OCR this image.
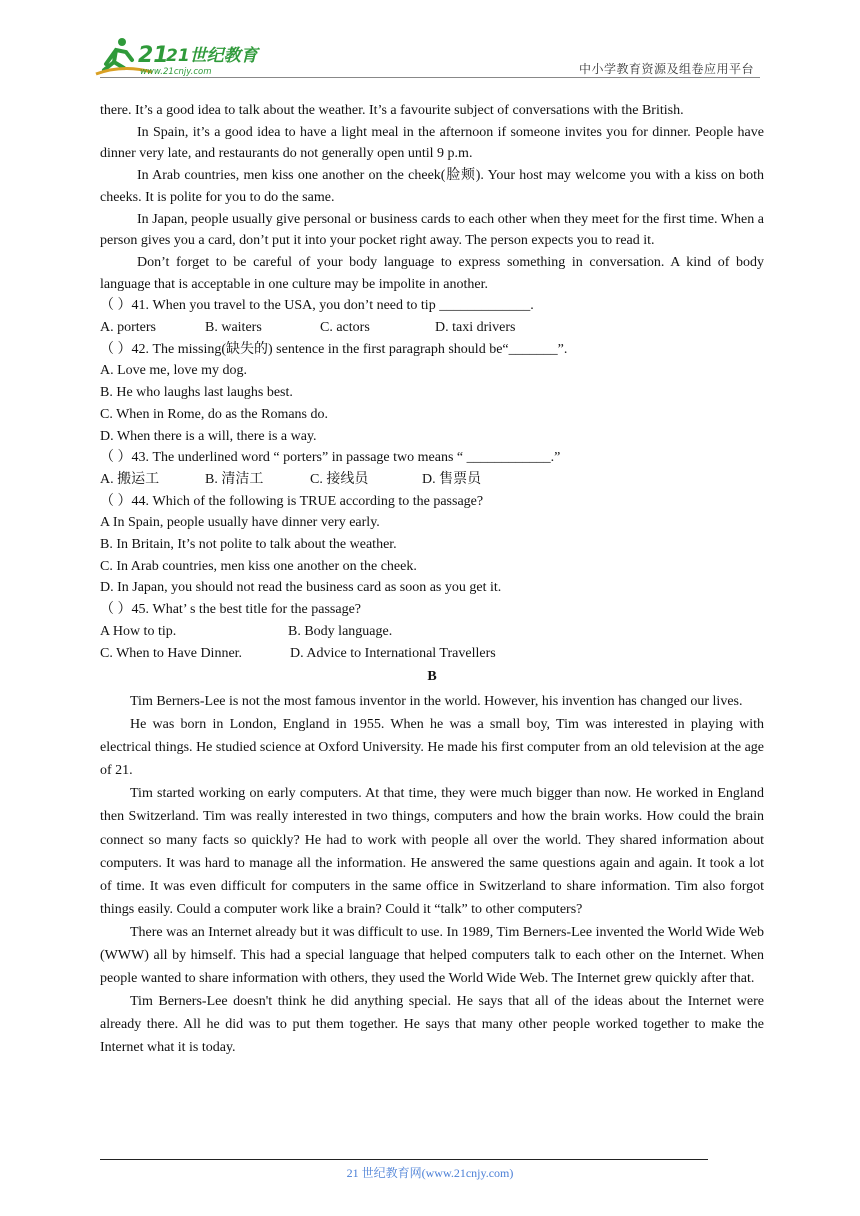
21
21世纪教育
www.21cnjy.com	中小学教育资源及组卷应用平台

there. It’s a good idea to talk about the weather. It’s a favourite subject of conversations with the British.

In Spain, it’s a good idea to have a light meal in the afternoon if someone invites you for dinner. People have dinner very late, and restaurants do not generally open until 9 p.m.

In Arab countries, men kiss one another on the cheek(脸颊). Your host may welcome you with a kiss on both cheeks. It is polite for you to do the same.

In Japan, people usually give personal or business cards to each other when they meet for the first time. When a person gives you a card, don’t put it into your pocket right away. The person expects you to read it.

Don’t forget to be careful of your body language to express something in conversation. A kind of body language that is acceptable in one culture may be impolite in another.

（ ）41. When you travel to the USA, you don’t need to tip _____________.

A. porters	B. waiters	C. actors	D. taxi drivers

（ ）42. The missing(缺失的) sentence in the first paragraph should be“_______”.

A. Love me, love my dog.

B. He who laughs last laughs best.

C. When in Rome, do as the Romans do.

D. When there is a will, there is a way.

（ ）43. The underlined word “ porters” in passage two means “ ____________.”

A. 搬运工	B. 清洁工	C. 接线员	D. 售票员

（ ）44. Which of the following is TRUE according to the passage?

A In Spain, people usually have dinner very early.

B. In Britain, It’s not polite to talk about the weather.

C. In Arab countries, men kiss one another on the cheek.

D. In Japan, you should not read the business card as soon as you get it.

（ ）45. What’ s the best title for the passage?

A How to tip.	B. Body language.
C. When to Have Dinner.	D. Advice to International Travellers

B

Tim Berners-Lee is not the most famous inventor in the world. However, his invention has changed our lives.

He was born in London, England in 1955. When he was a small boy, Tim was interested in playing with electrical things. He studied science at Oxford University. He made his first computer from an old television at the age of 21.

Tim started working on early computers. At that time, they were much bigger than now. He worked in England then Switzerland. Tim was really interested in two things, computers and how the brain works. How could the brain connect so many facts so quickly? He had to work with people all over the world. They shared information about computers. It was hard to manage all the information. He answered the same questions again and again. It took a lot of time. It was even difficult for computers in the same office in Switzerland to share information. Tim also forgot things easily. Could a computer work like a brain? Could it “talk” to other computers?

There was an Internet already but it was difficult to use. In 1989, Tim Berners-Lee invented the World Wide Web (WWW) all by himself. This had a special language that helped computers talk to each other on the Internet. When people wanted to share information with others, they used the World Wide Web. The Internet grew quickly after that.

Tim Berners-Lee doesn't think he did anything special. He says that all of the ideas about the Internet were already there. All he did was to put them together. He says that many other people worked together to make the Internet what it is today.

21 世纪教育网(www.21cnjy.com)
